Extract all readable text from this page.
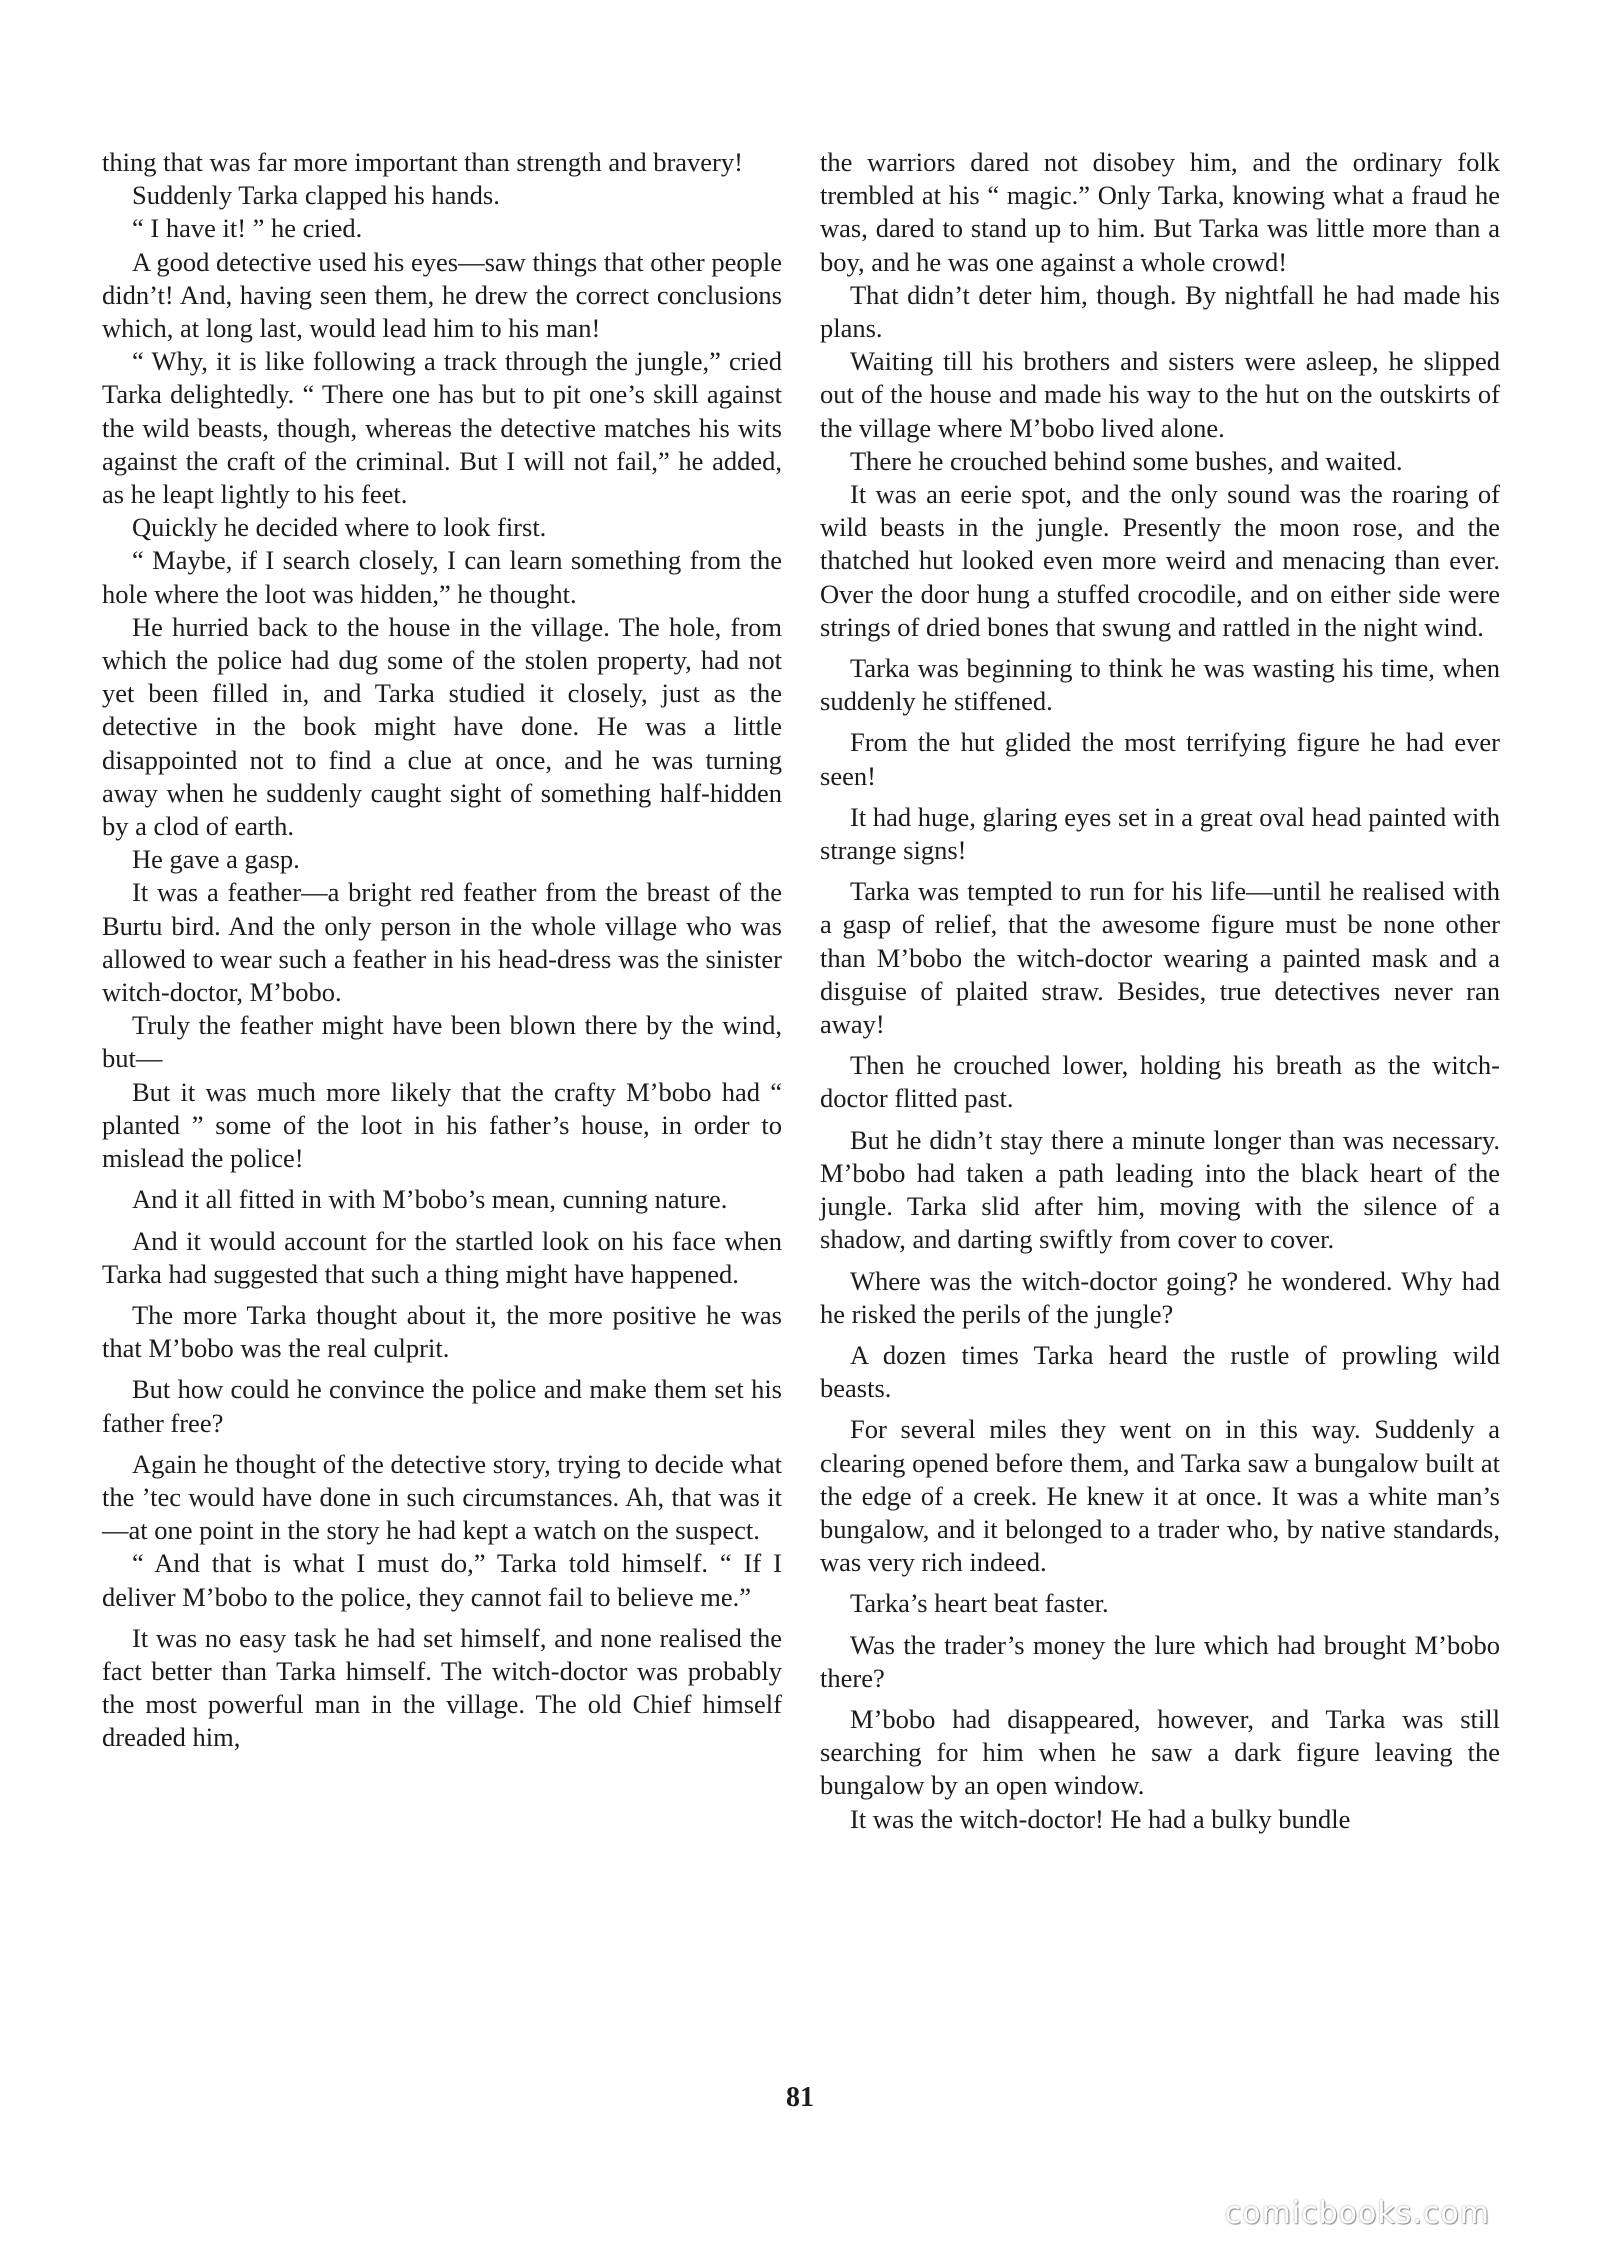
thing that was far more important than strength and bravery!

Suddenly Tarka clapped his hands.

“ I have it! ” he cried.

A good detective used his eyes—saw things that other people didn’t! And, having seen them, he drew the correct conclusions which, at long last, would lead him to his man!

“ Why, it is like following a track through the jungle,” cried Tarka delightedly. “ There one has but to pit one’s skill against the wild beasts, though, whereas the detective matches his wits against the craft of the criminal. But I will not fail,” he added, as he leapt lightly to his feet.

Quickly he decided where to look first.

“ Maybe, if I search closely, I can learn something from the hole where the loot was hidden,” he thought.

He hurried back to the house in the village. The hole, from which the police had dug some of the stolen property, had not yet been filled in, and Tarka studied it closely, just as the detective in the book might have done. He was a little disappointed not to find a clue at once, and he was turning away when he suddenly caught sight of something half-hidden by a clod of earth.

He gave a gasp.

It was a feather—a bright red feather from the breast of the Burtu bird. And the only person in the whole village who was allowed to wear such a feather in his head-dress was the sinister witch-doctor, M’bobo.

Truly the feather might have been blown there by the wind, but—

But it was much more likely that the crafty M’bobo had “ planted ” some of the loot in his father’s house, in order to mislead the police!

And it all fitted in with M’bobo’s mean, cunning nature.

And it would account for the startled look on his face when Tarka had suggested that such a thing might have happened.

The more Tarka thought about it, the more positive he was that M’bobo was the real culprit.

But how could he convince the police and make them set his father free?

Again he thought of the detective story, trying to decide what the ’tec would have done in such circumstances. Ah, that was it—at one point in the story he had kept a watch on the suspect.

“ And that is what I must do,” Tarka told himself. “ If I deliver M’bobo to the police, they cannot fail to believe me.”

It was no easy task he had set himself, and none realised the fact better than Tarka himself. The witch-doctor was probably the most powerful man in the village. The old Chief himself dreaded him,

the warriors dared not disobey him, and the ordinary folk trembled at his “ magic.” Only Tarka, knowing what a fraud he was, dared to stand up to him. But Tarka was little more than a boy, and he was one against a whole crowd!

That didn’t deter him, though. By nightfall he had made his plans.

Waiting till his brothers and sisters were asleep, he slipped out of the house and made his way to the hut on the outskirts of the village where M’bobo lived alone.

There he crouched behind some bushes, and waited.

It was an eerie spot, and the only sound was the roaring of wild beasts in the jungle. Presently the moon rose, and the thatched hut looked even more weird and menacing than ever. Over the door hung a stuffed crocodile, and on either side were strings of dried bones that swung and rattled in the night wind.

Tarka was beginning to think he was wasting his time, when suddenly he stiffened.

From the hut glided the most terrifying figure he had ever seen!

It had huge, glaring eyes set in a great oval head painted with strange signs!

Tarka was tempted to run for his life—until he realised with a gasp of relief, that the awesome figure must be none other than M’bobo the witch-doctor wearing a painted mask and a disguise of plaited straw. Besides, true detectives never ran away!

Then he crouched lower, holding his breath as the witch-doctor flitted past.

But he didn’t stay there a minute longer than was necessary. M’bobo had taken a path leading into the black heart of the jungle. Tarka slid after him, moving with the silence of a shadow, and darting swiftly from cover to cover.

Where was the witch-doctor going? he wondered. Why had he risked the perils of the jungle?

A dozen times Tarka heard the rustle of prowling wild beasts.

For several miles they went on in this way. Suddenly a clearing opened before them, and Tarka saw a bungalow built at the edge of a creek. He knew it at once. It was a white man’s bungalow, and it belonged to a trader who, by native standards, was very rich indeed.

Tarka’s heart beat faster.

Was the trader’s money the lure which had brought M’bobo there?

M’bobo had disappeared, however, and Tarka was still searching for him when he saw a dark figure leaving the bungalow by an open window.

It was the witch-doctor! He had a bulky bundle

81
comicbooks.com
